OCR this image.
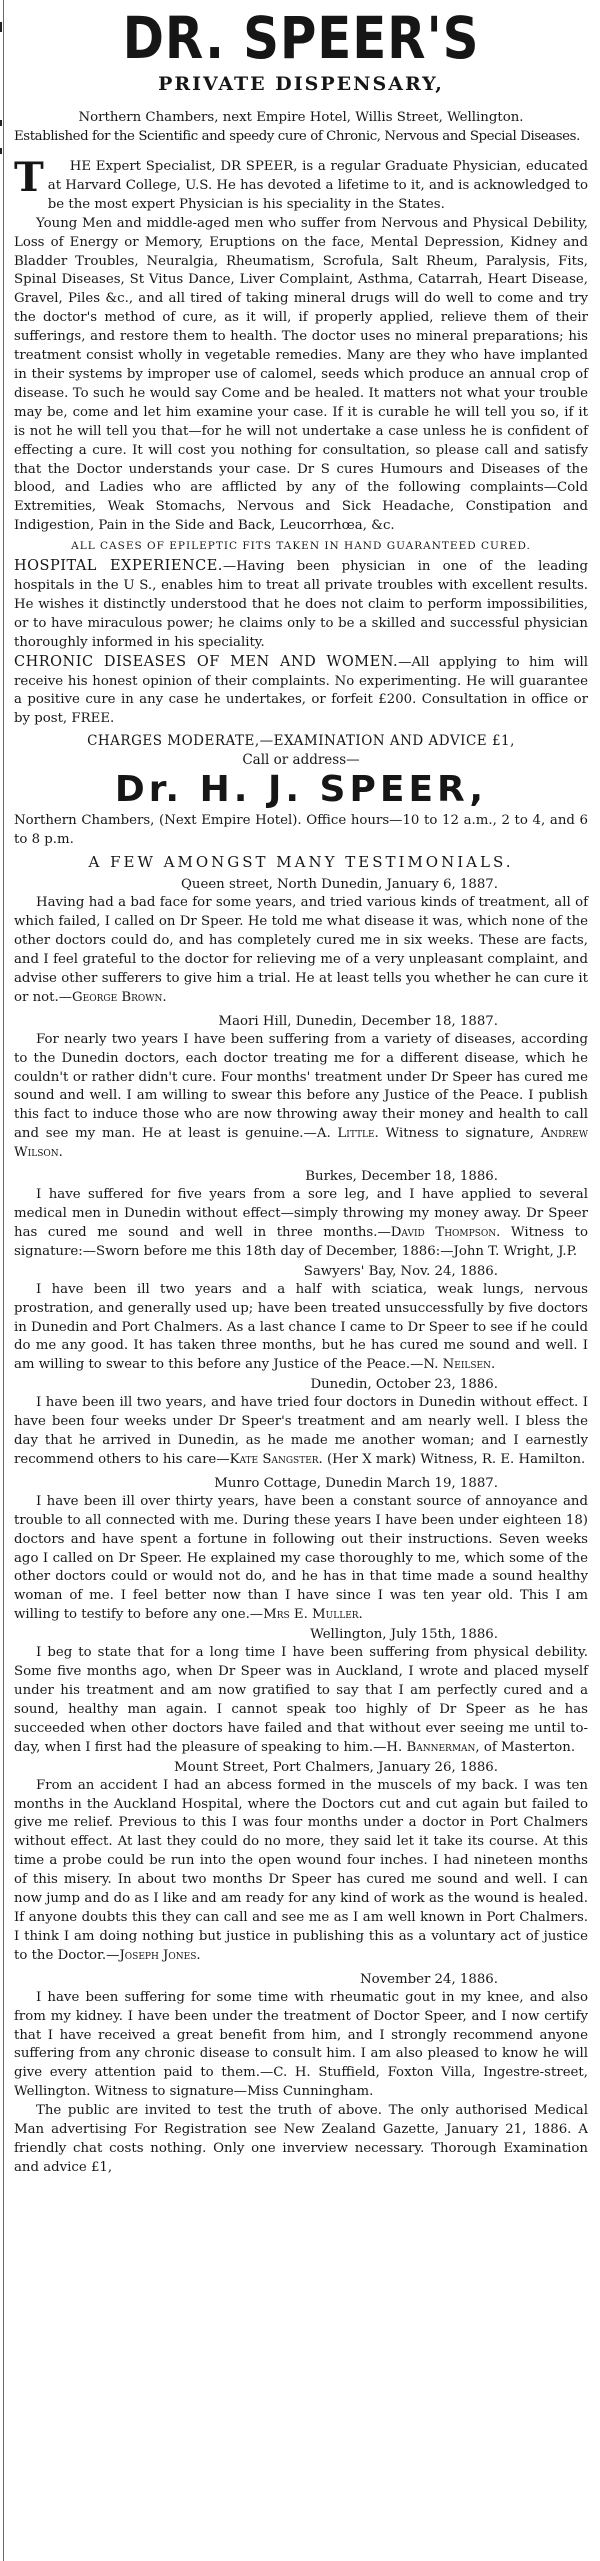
DR. SPEER'S
PRIVATE DISPENSARY,

Northern Chambers, next Empire Hotel, Willis Street, Wellington.

Established for the Scientific and speedy cure of Chronic, Nervous and Special Diseases.

T HE Expert Specialist, DR SPEER, is a regular Graduate Physician, educated at Harvard College, U.S. He has devoted a lifetime to it, and is acknowledged to be the most expert Physician is his speciality in the States.

Young Men and middle-aged men who suffer from Nervous and Physical Debility, Loss of Energy or Memory, Eruptions on the face, Mental Depression, Kidney and Bladder Troubles, Neuralgia, Rheumatism, Scrofula, Salt Rheum, Paralysis, Fits, Spinal Diseases, St Vitus Dance, Liver Complaint, Asthma, Catarrah, Heart Disease, Gravel, Piles &c., and all tired of taking mineral drugs will do well to come and try the doctor's method of cure, as it will, if properly applied, relieve them of their sufferings, and restore them to health. The doctor uses no mineral preparations; his treatment consist wholly in vegetable remedies. Many are they who have implanted in their systems by improper use of calomel, seeds which produce an annual crop of disease. To such he would say Come and be healed. It matters not what your trouble may be, come and let him examine your case. If it is curable he will tell you so, if it is not he will tell you that—for he will not undertake a case unless he is confident of effecting a cure. It will cost you nothing for consultation, so please call and satisfy that the Doctor understands your case. Dr S cures Humours and Diseases of the blood, and Ladies who are afflicted by any of the following complaints—Cold Extremities, Weak Stomachs, Nervous and Sick Headache, Constipation and Indigestion, Pain in the Side and Back, Leucorrhœa, &c.

ALL CASES OF EPILEPTIC FITS TAKEN IN HAND GUARANTEED CURED.

HOSPITAL EXPERIENCE.—Having been physician in one of the leading hospitals in the U S., enables him to treat all private troubles with excellent results. He wishes it distinctly understood that he does not claim to perform impossibilities, or to have miraculous power; he claims only to be a skilled and successful physician thoroughly informed in his speciality.

CHRONIC DISEASES OF MEN AND WOMEN.—All applying to him will receive his honest opinion of their complaints. No experimenting. He will guarantee a positive cure in any case he undertakes, or forfeit £200. Consultation in office or by post, FREE.

CHARGES MODERATE,—EXAMINATION AND ADVICE £1,

Call or address—

Dr. H. J. SPEER,

Northern Chambers, (Next Empire Hotel). Office hours—10 to 12 a.m., 2 to 4, and 6 to 8 p.m.

A FEW AMONGST MANY TESTIMONIALS.

Queen street, North Dunedin, January 6, 1887.

Having had a bad face for some years, and tried various kinds of treatment, all of which failed, I called on Dr Speer. He told me what disease it was, which none of the other doctors could do, and has completely cured me in six weeks. These are facts, and I feel grateful to the doctor for relieving me of a very unpleasant complaint, and advise other sufferers to give him a trial. He at least tells you whether he can cure it or not.—George Brown.

Maori Hill, Dunedin, December 18, 1887.

For nearly two years I have been suffering from a variety of diseases, according to the Dunedin doctors, each doctor treating me for a different disease, which he couldn't or rather didn't cure. Four months' treatment under Dr Speer has cured me sound and well. I am willing to swear this before any Justice of the Peace. I publish this fact to induce those who are now throwing away their money and health to call and see my man. He at least is genuine.—A. Little. Witness to signature, Andrew Wilson.

Burkes, December 18, 1886.

I have suffered for five years from a sore leg, and I have applied to several medical men in Dunedin without effect—simply throwing my money away. Dr Speer has cured me sound and well in three months.—David Thompson. Witness to signature:—Sworn before me this 18th day of December, 1886:—John T. Wright, J.P.

Sawyers' Bay, Nov. 24, 1886.

I have been ill two years and a half with sciatica, weak lungs, nervous prostration, and generally used up; have been treated unsuccessfully by five doctors in Dunedin and Port Chalmers. As a last chance I came to Dr Speer to see if he could do me any good. It has taken three months, but he has cured me sound and well. I am willing to swear to this before any Justice of the Peace.—N. Neilsen.

Dunedin, October 23, 1886.

I have been ill two years, and have tried four doctors in Dunedin without effect. I have been four weeks under Dr Speer's treatment and am nearly well. I bless the day that he arrived in Dunedin, as he made me another woman; and I earnestly recommend others to his care—Kate Sangster. (Her X mark) Witness, R. E. Hamilton.

Munro Cottage, Dunedin March 19, 1887.

I have been ill over thirty years, have been a constant source of annoyance and trouble to all connected with me. During these years I have been under eighteen 18) doctors and have spent a fortune in following out their instructions. Seven weeks ago I called on Dr Speer. He explained my case thoroughly to me, which some of the other doctors could or would not do, and he has in that time made a sound healthy woman of me. I feel better now than I have since I was ten year old. This I am willing to testify to before any one.—Mrs E. Muller.

Wellington, July 15th, 1886.

I beg to state that for a long time I have been suffering from physical debility. Some five months ago, when Dr Speer was in Auckland, I wrote and placed myself under his treatment and am now gratified to say that I am perfectly cured and a sound, healthy man again. I cannot speak too highly of Dr Speer as he has succeeded when other doctors have failed and that without ever seeing me until to-day, when I first had the pleasure of speaking to him.—H. Bannerman, of Masterton.

Mount Street, Port Chalmers, January 26, 1886.

From an accident I had an abcess formed in the muscels of my back. I was ten months in the Auckland Hospital, where the Doctors cut and cut again but failed to give me relief. Previous to this I was four months under a doctor in Port Chalmers without effect. At last they could do no more, they said let it take its course. At this time a probe could be run into the open wound four inches. I had nineteen months of this misery. In about two months Dr Speer has cured me sound and well. I can now jump and do as I like and am ready for any kind of work as the wound is healed. If anyone doubts this they can call and see me as I am well known in Port Chalmers. I think I am doing nothing but justice in publishing this as a voluntary act of justice to the Doctor.—Joseph Jones.

November 24, 1886.

I have been suffering for some time with rheumatic gout in my knee, and also from my kidney. I have been under the treatment of Doctor Speer, and I now certify that I have received a great benefit from him, and I strongly recommend anyone suffering from any chronic disease to consult him. I am also pleased to know he will give every attention paid to them.—C. H. Stuffield, Foxton Villa, Ingestre-street, Wellington. Witness to signature—Miss Cunningham.

The public are invited to test the truth of above. The only authorised Medical Man advertising For Registration see New Zealand Gazette, January 21, 1886. A friendly chat costs nothing. Only one inverview necessary. Thorough Examination and advice £1,
